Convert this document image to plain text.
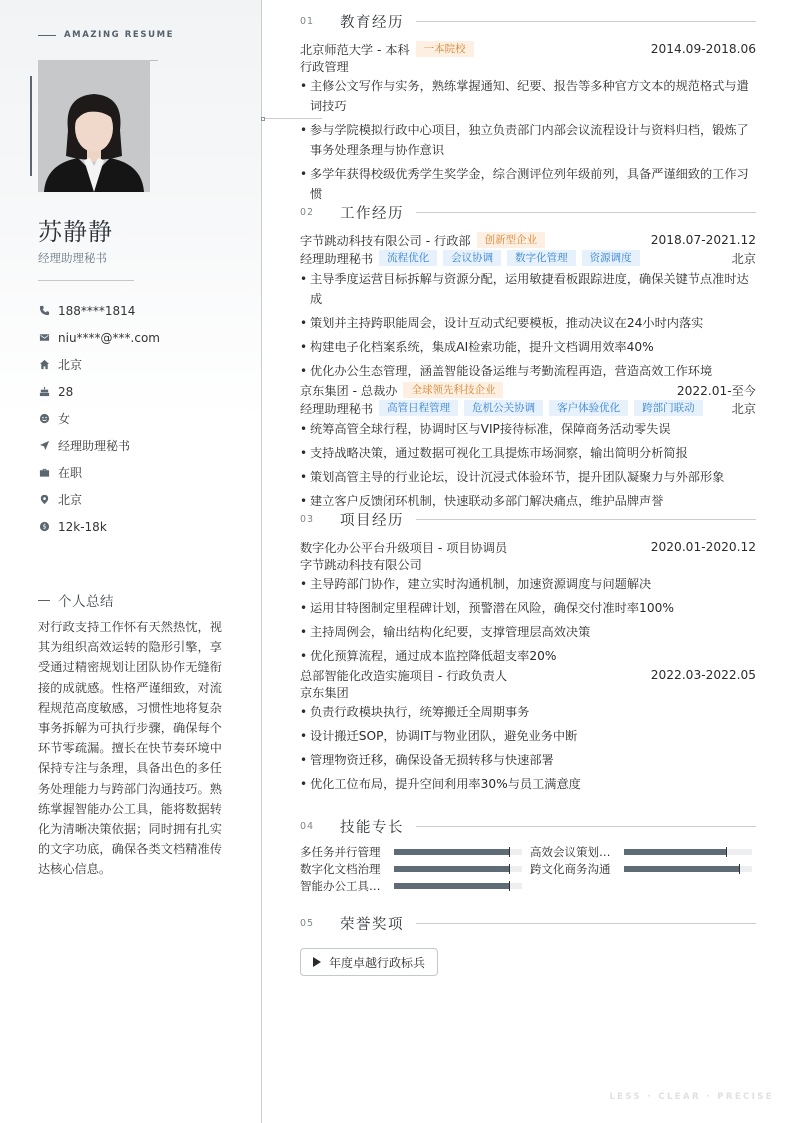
AMAZING RESUME
苏静静
经理助理秘书
188****1814
niu****@***.com
北京
28
女
经理助理秘书
在职
北京
$ 12k-18k
个人总结
对行政支持工作怀有天然热忱，视其为组织高效运转的隐形引擎，享受通过精密规划让团队协作无缝衔接的成就感。性格严谨细致，对流程规范高度敏感，习惯性地将复杂事务拆解为可执行步骤，确保每个环节零疏漏。擅长在快节奏环境中保持专注与条理，具备出色的多任务处理能力与跨部门沟通技巧。熟练掌握智能办公工具，能将数据转化为清晰决策依据；同时拥有扎实的文字功底，确保各类文档精准传达核心信息。
01	教育经历
北京师范大学 - 本科	一本院校	2014.09-2018.06
行政管理
• 主修公文写作与实务，熟练掌握通知、纪要、报告等多种官方文本的规范格式与遣词技巧
• 参与学院模拟行政中心项目，独立负责部门内部会议流程设计与资料归档，锻炼了事务处理条理与协作意识
• 多学年获得校级优秀学生奖学金，综合测评位列年级前列，具备严谨细致的工作习惯
02	工作经历
字节跳动科技有限公司 - 行政部	创新型企业	2018.07-2021.12
经理助理秘书	流程优化	会议协调	数字化管理	资源调度	北京
• 主导季度运营目标拆解与资源分配，运用敏捷看板跟踪进度，确保关键节点准时达成
• 策划并主持跨职能周会，设计互动式纪要模板，推动决议在24小时内落实
• 构建电子化档案系统，集成AI检索功能，提升文档调用效率40%
• 优化办公生态管理，涵盖智能设备运维与考勤流程再造，营造高效工作环境
京东集团 - 总裁办	全球领先科技企业	2022.01-至今
经理助理秘书	高管日程管理	危机公关协调	客户体验优化	跨部门联动	北京
• 统筹高管全球行程，协调时区与VIP接待标准，保障商务活动零失误
• 支持战略决策，通过数据可视化工具提炼市场洞察，输出简明分析简报
• 策划高管主导的行业论坛，设计沉浸式体验环节，提升团队凝聚力与外部形象
• 建立客户反馈闭环机制，快速联动多部门解决痛点，维护品牌声誉
03	项目经历
数字化办公平台升级项目 - 项目协调员	2020.01-2020.12
字节跳动科技有限公司
• 主导跨部门协作，建立实时沟通机制，加速资源调度与问题解决
• 运用甘特图制定里程碑计划，预警潜在风险，确保交付准时率100%
• 主持周例会，输出结构化纪要，支撑管理层高效决策
• 优化预算流程，通过成本监控降低超支率20%
总部智能化改造实施项目 - 行政负责人	2022.03-2022.05
京东集团
• 负责行政模块执行，统筹搬迁全周期事务
• 设计搬迁SOP，协调IT与物业团队，避免业务中断
• 管理物资迁移，确保设备无损转移与快速部署
• 优化工位布局，提升空间利用率30%与员工满意度
04	技能专长
多任务并行管理	高效会议策划…
数字化文档治理	跨文化商务沟通
智能办公工具…
05	荣誉奖项
年度卓越行政标兵
LESS · CLEAR · PRECISE
